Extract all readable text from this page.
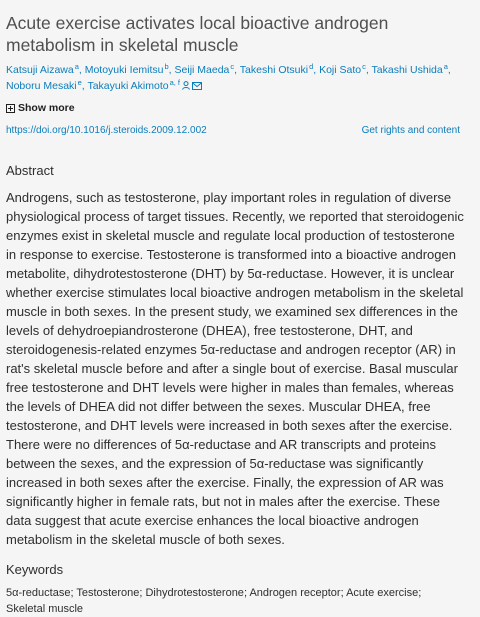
Acute exercise activates local bioactive androgen metabolism in skeletal muscle
Katsuji Aizawa$^a$, Motoyuki Iemitsu$^b$, Seiji Maeda$^c$, Takeshi Otsuki$^d$, Koji Sato$^c$, Takashi Ushida$^a$, Noboru Mesaki$^e$, Takayuki Akimoto$^{a, f}$
Show more
https://doi.org/10.1016/j.steroids.2009.12.002	Get rights and content
Abstract
Androgens, such as testosterone, play important roles in regulation of diverse physiological process of target tissues. Recently, we reported that steroidogenic enzymes exist in skeletal muscle and regulate local production of testosterone in response to exercise. Testosterone is transformed into a bioactive androgen metabolite, dihydrotestosterone (DHT) by 5α-reductase. However, it is unclear whether exercise stimulates local bioactive androgen metabolism in the skeletal muscle in both sexes. In the present study, we examined sex differences in the levels of dehydroepiandrosterone (DHEA), free testosterone, DHT, and steroidogenesis-related enzymes 5α-reductase and androgen receptor (AR) in rat's skeletal muscle before and after a single bout of exercise. Basal muscular free testosterone and DHT levels were higher in males than females, whereas the levels of DHEA did not differ between the sexes. Muscular DHEA, free testosterone, and DHT levels were increased in both sexes after the exercise. There were no differences of 5α-reductase and AR transcripts and proteins between the sexes, and the expression of 5α-reductase was significantly increased in both sexes after the exercise. Finally, the expression of AR was significantly higher in female rats, but not in males after the exercise. These data suggest that acute exercise enhances the local bioactive androgen metabolism in the skeletal muscle of both sexes.
Keywords
5α-reductase; Testosterone; Dihydrotestosterone; Androgen receptor; Acute exercise; Skeletal muscle
